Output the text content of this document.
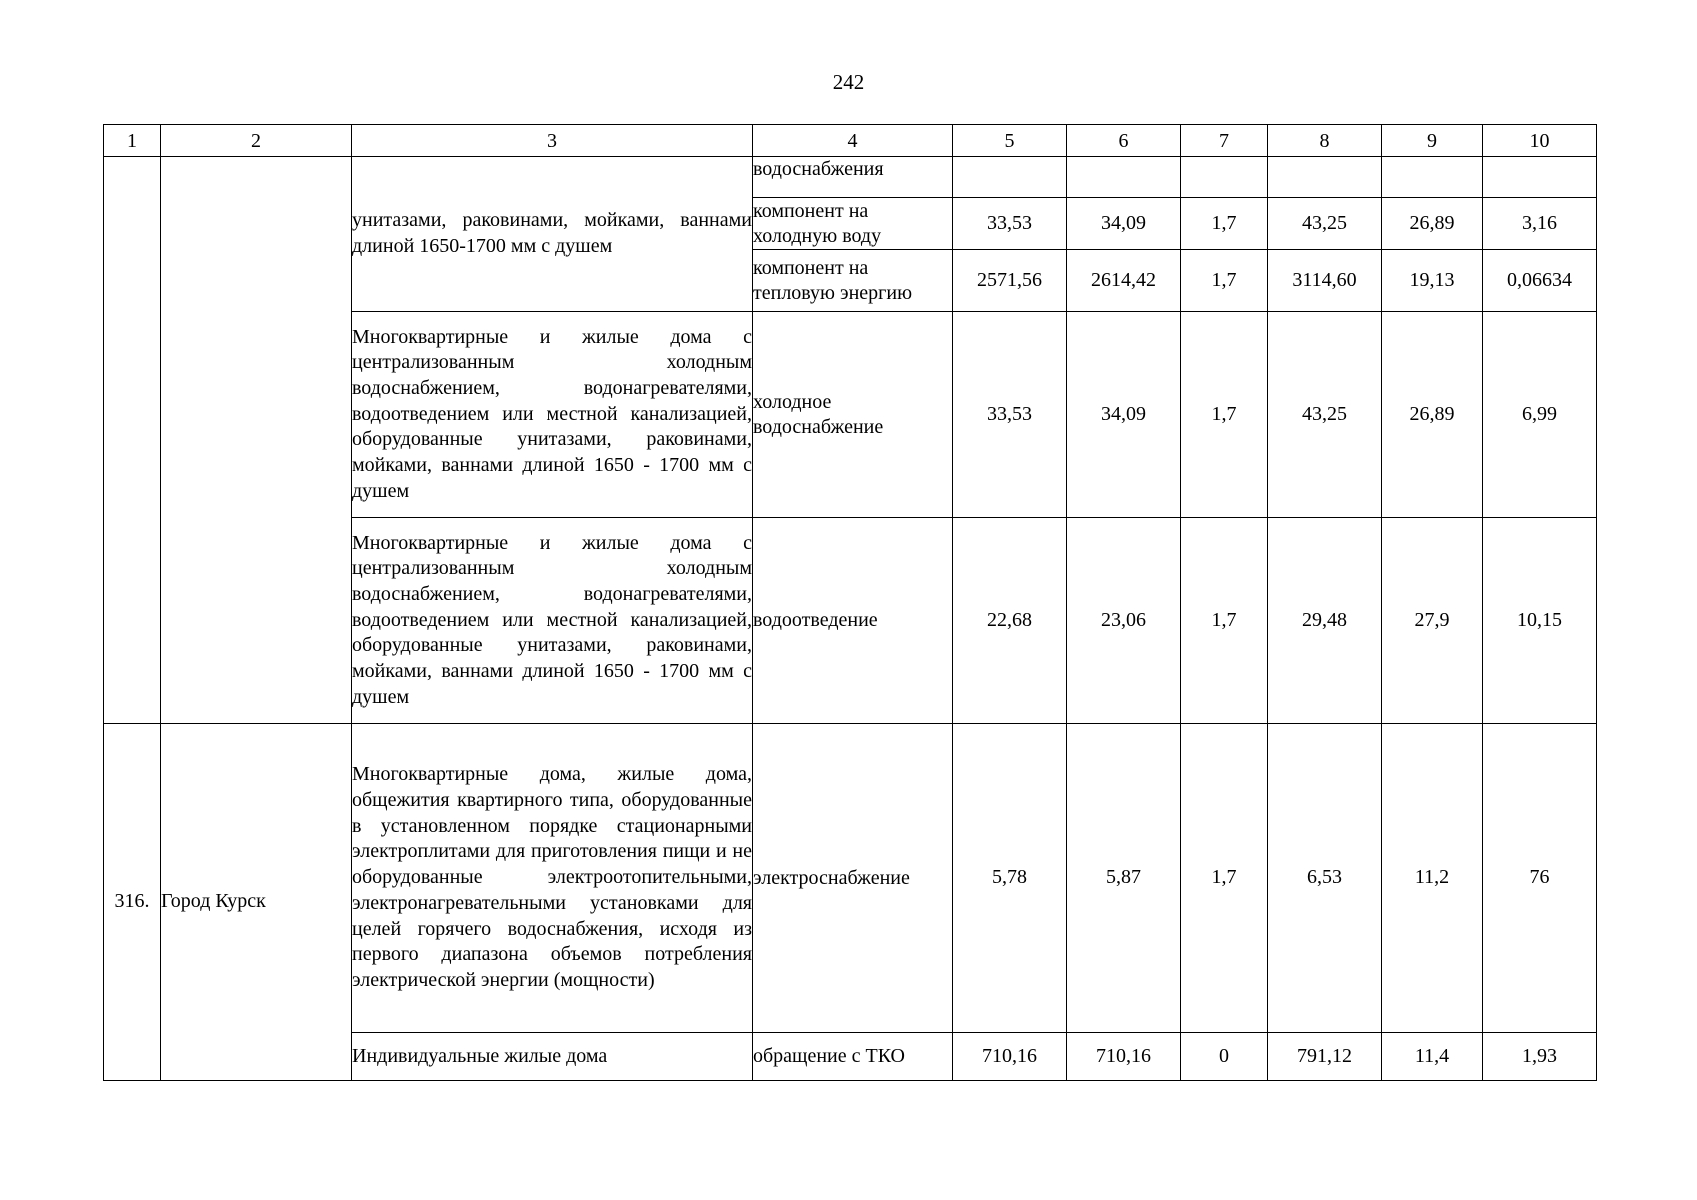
242
1	2	3	4	5	6	7	8	9	10
		унитазами, раковинами, мойками, ваннами длиной 1650-1700 мм с душем	водоснабжения						
			компонент на холодную воду	33,53	34,09	1,7	43,25	26,89	3,16
			компонент на тепловую энергию	2571,56	2614,42	1,7	3114,60	19,13	0,06634
		Многоквартирные и жилые дома с централизованным холодным водоснабжением, водонагревателями, водоотведением или местной канализацией, оборудованные унитазами, раковинами, мойками, ваннами длиной 1650 - 1700 мм с душем	холодное водоснабжение	33,53	34,09	1,7	43,25	26,89	6,99
		Многоквартирные и жилые дома с централизованным холодным водоснабжением, водонагревателями, водоотведением или местной канализацией, оборудованные унитазами, раковинами, мойками, ваннами длиной 1650 - 1700 мм с душем	водоотведение	22,68	23,06	1,7	29,48	27,9	10,15
316.	Город Курск	Многоквартирные дома, жилые дома, общежития квартирного типа, оборудованные в установленном порядке стационарными электроплитами для приготовления пищи и не оборудованные электроотопительными, электронагревательными установками для целей горячего водоснабжения, исходя из первого диапазона объемов потребления электрической энергии (мощности)	электроснабжение	5,78	5,87	1,7	6,53	11,2	76
		Индивидуальные жилые дома	обращение с ТКО	710,16	710,16	0	791,12	11,4	1,93
